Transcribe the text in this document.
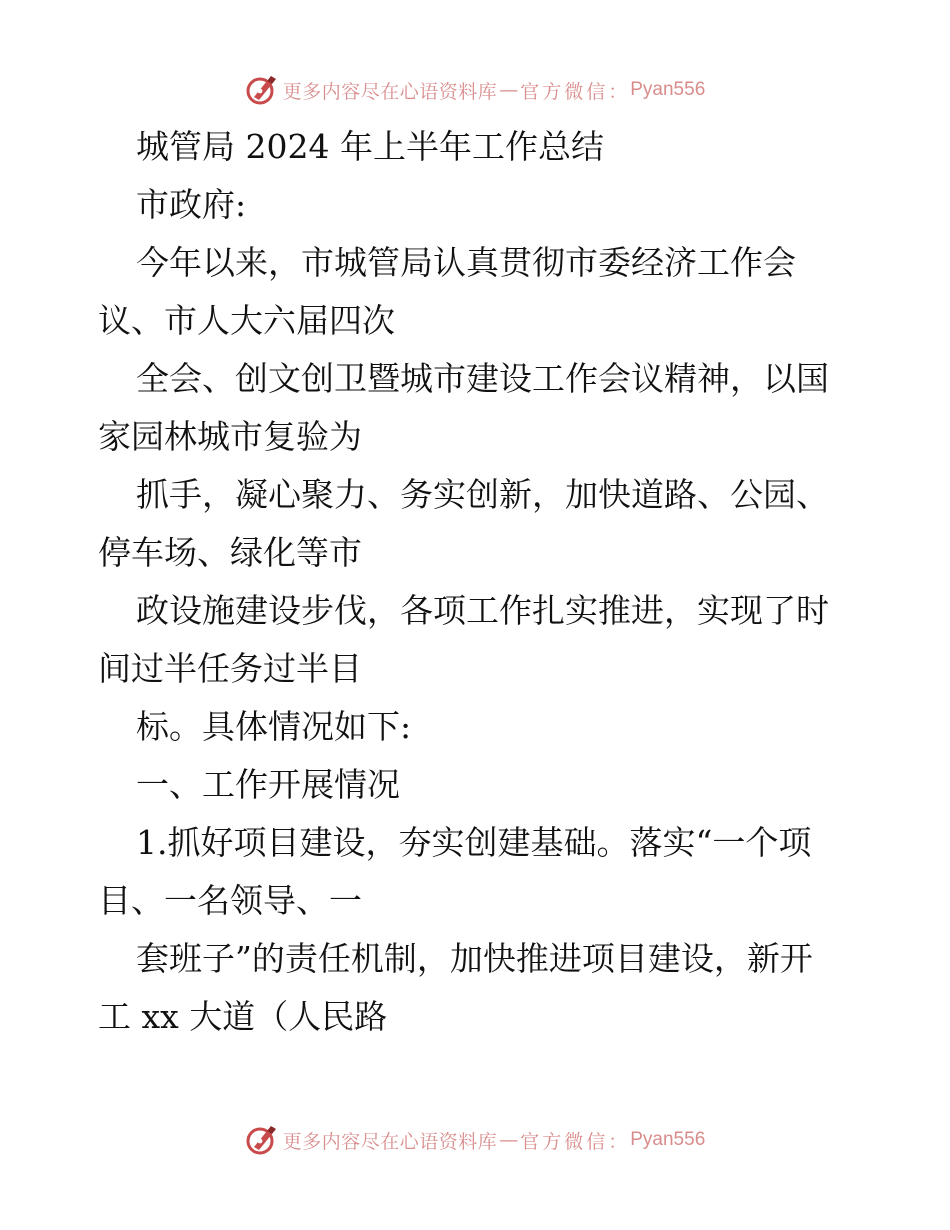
更多内容尽在心语资料库 — 官方微信： Pyan556
城管局 2024 年上半年工作总结
市政府:
今年以来，市城管局认真贯彻市委经济工作会
议、市人大六届四次
全会、创文创卫暨城市建设工作会议精神，以国
家园林城市复验为
抓手，凝心聚力、务实创新，加快道路、公园、
停车场、绿化等市
政设施建设步伐，各项工作扎实推进，实现了时
间过半任务过半目
标。具体情况如下:
一、工作开展情况
1.抓好项目建设，夯实创建基础。落实“一个项
目、一名领导、一
套班子”的责任机制，加快推进项目建设，新开
工 xx 大道（人民路
更多内容尽在心语资料库 — 官方微信： Pyan556
